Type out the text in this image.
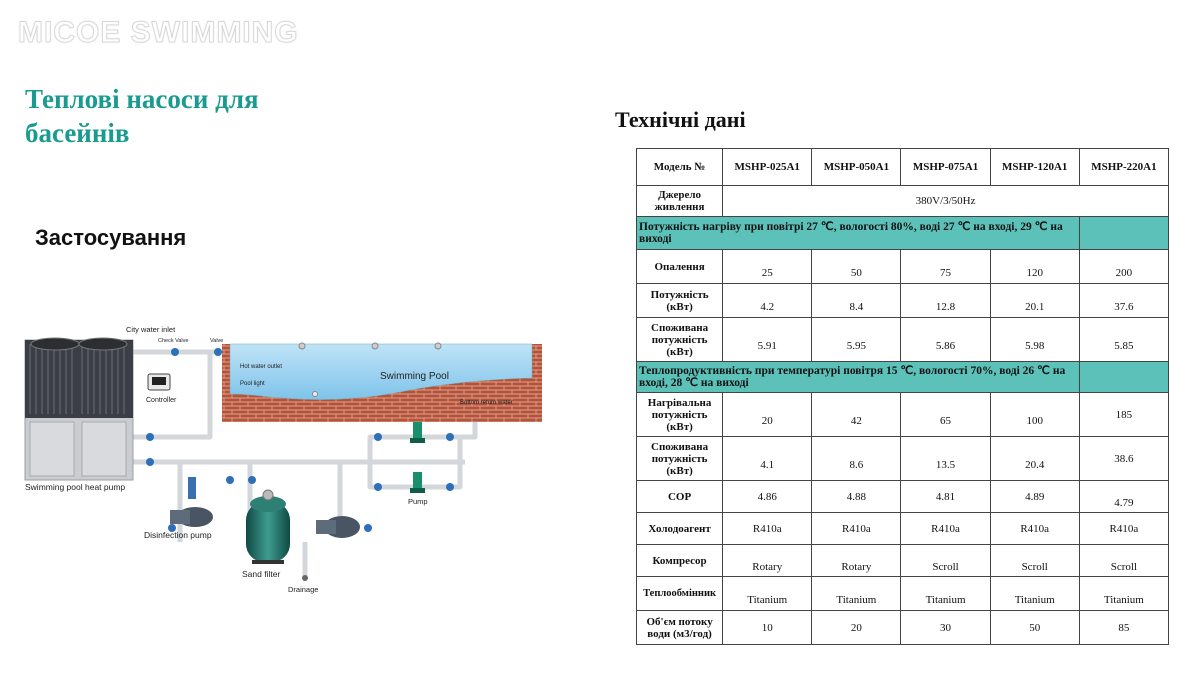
MICOE SWIMMING
Теплові насоси для басейнів
Застосування
Технічні дані
Swimming pool heat pump
Controller
City water inlet
Check Valve	Valve
Hot water outlet
Pool light
Swimming Pool
Bottom return water
Pump
Disinfection pump
Sand filter
Drainage
Модель №	MSHP-025A1	MSHP-050A1	MSHP-075A1	MSHP-120A1	MSHP-220A1
Джерело живлення	380V/3/50Hz				
Потужність нагріву при повітрі 27 ℃, вологості 80%, воді 27 ℃ на вході, 29 ℃ на виході					
Опалення	25	50	75	120	200
Потужність (кВт)	4.2	8.4	12.8	20.1	37.6
Споживана потужність (кВт)	5.91	5.95	5.86	5.98	5.85
Теплопродуктивність при температурі повітря 15 ℃, вологості 70%, воді 26 ℃ на вході, 28 ℃ на виході					
Нагрівальна потужність (кВт)	20	42	65	100	185
Споживана потужність (кВт)	4.1	8.6	13.5	20.4	38.6
COP	4.86	4.88	4.81	4.89	4.79
Холодоагент	R410a	R410a	R410a	R410a	R410a
Компресор	Rotary	Rotary	Scroll	Scroll	Scroll
Теплообмінник	Titanium	Titanium	Titanium	Titanium	Titanium
Об'єм потоку води (м3/год)	10	20	30	50	85
